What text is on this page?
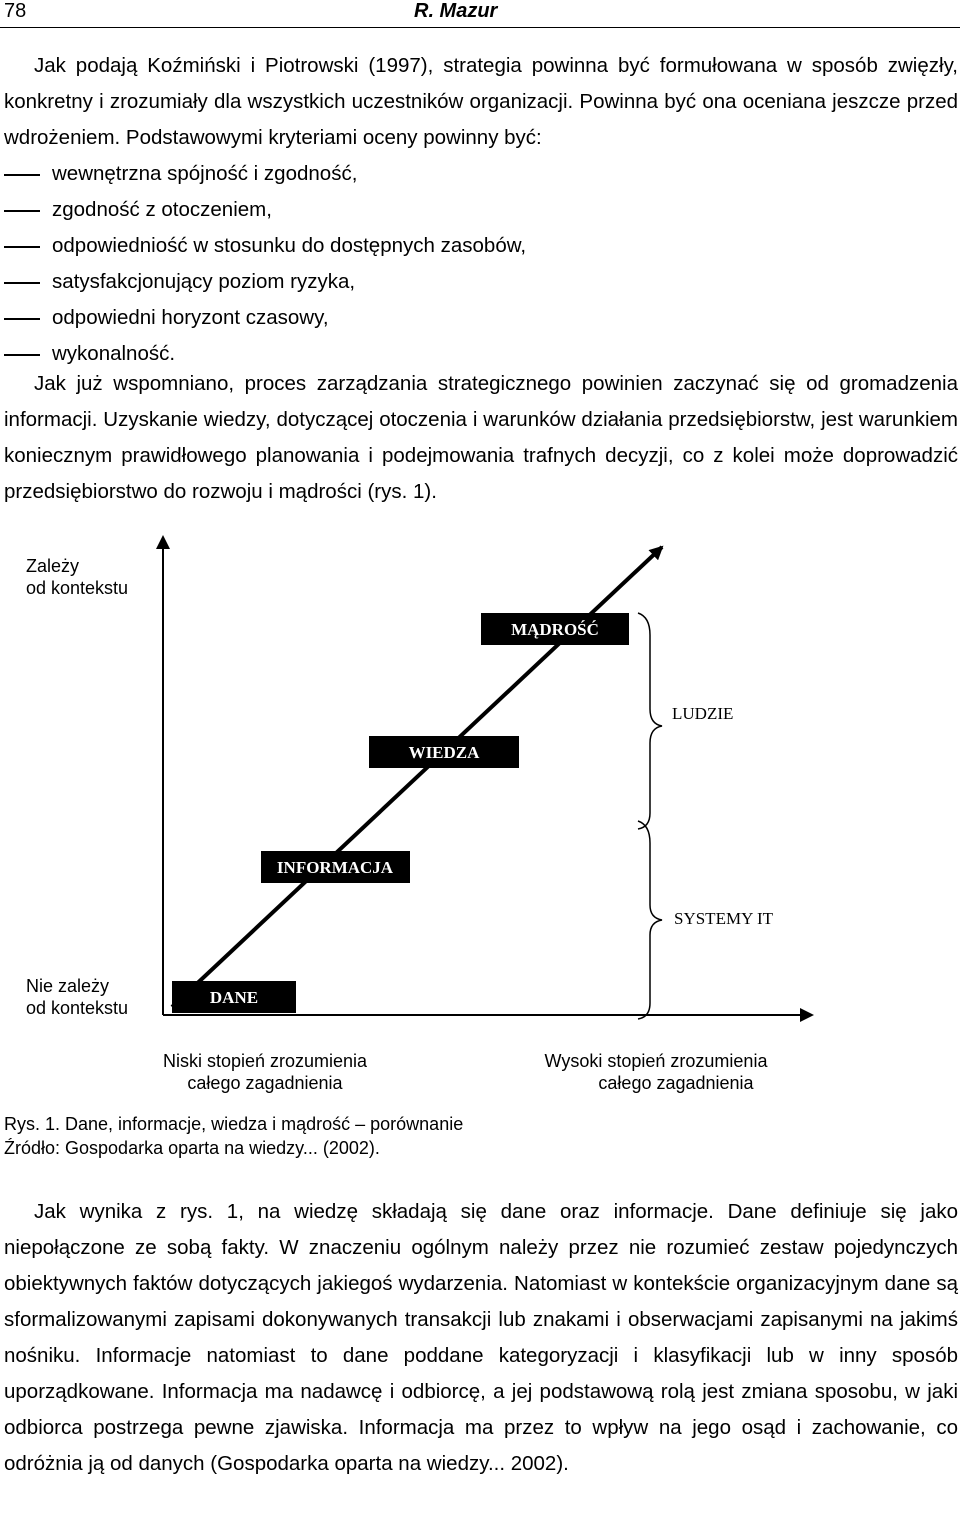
78	R. Mazur

Jak podają Koźmiński i Piotrowski (1997), strategia powinna być formułowana w sposób zwięzły, konkretny i zrozumiały dla wszystkich uczestników organizacji. Powinna być ona oceniana jeszcze przed wdrożeniem. Podstawowymi kryteriami oceny powinny być:

wewnętrzna spójność i zgodność,
zgodność z otoczeniem,
odpowiedniość w stosunku do dostępnych zasobów,
satysfakcjonujący poziom ryzyka,
odpowiedni horyzont czasowy,
wykonalność.

Jak już wspomniano, proces zarządzania strategicznego powinien zaczynać się od gromadzenia informacji. Uzyskanie wiedzy, dotyczącej otoczenia i warunków działania przedsiębiorstw, jest warunkiem koniecznym prawidłowego planowania i podejmowania trafnych decyzji, co z kolei może doprowadzić przedsiębiorstwo do rozwoju i mądrości (rys. 1).

MĄDROŚĆ
WIEDZA
INFORMACJA
DANE
LUDZIE
SYSTEMY IT
Zależy
od kontekstu
Nie zależy
od kontekstu
Niski stopień zrozumienia
całego zagadnienia
Wysoki stopień zrozumienia
całego zagadnienia
Rys. 1. Dane, informacje, wiedza i mądrość – porównanie
Źródło: Gospodarka oparta na wiedzy... (2002).

Jak wynika z rys. 1, na wiedzę składają się dane oraz informacje. Dane definiuje się jako niepołączone ze sobą fakty. W znaczeniu ogólnym należy przez nie rozumieć zestaw pojedynczych obiektywnych faktów dotyczących jakiegoś wydarzenia. Natomiast w kontekście organizacyjnym dane są sformalizowanymi zapisami dokonywanych transakcji lub znakami i obserwacjami zapisanymi na jakimś nośniku. Informacje natomiast to dane poddane kategoryzacji i klasyfikacji lub w inny sposób uporządkowane. Informacja ma nadawcę i odbiorcę, a jej podstawową rolą jest zmiana sposobu, w jaki odbiorca postrzega pewne zjawiska. Informacja ma przez to wpływ na jego osąd i zachowanie, co odróżnia ją od danych (Gospodarka oparta na wiedzy... 2002).
